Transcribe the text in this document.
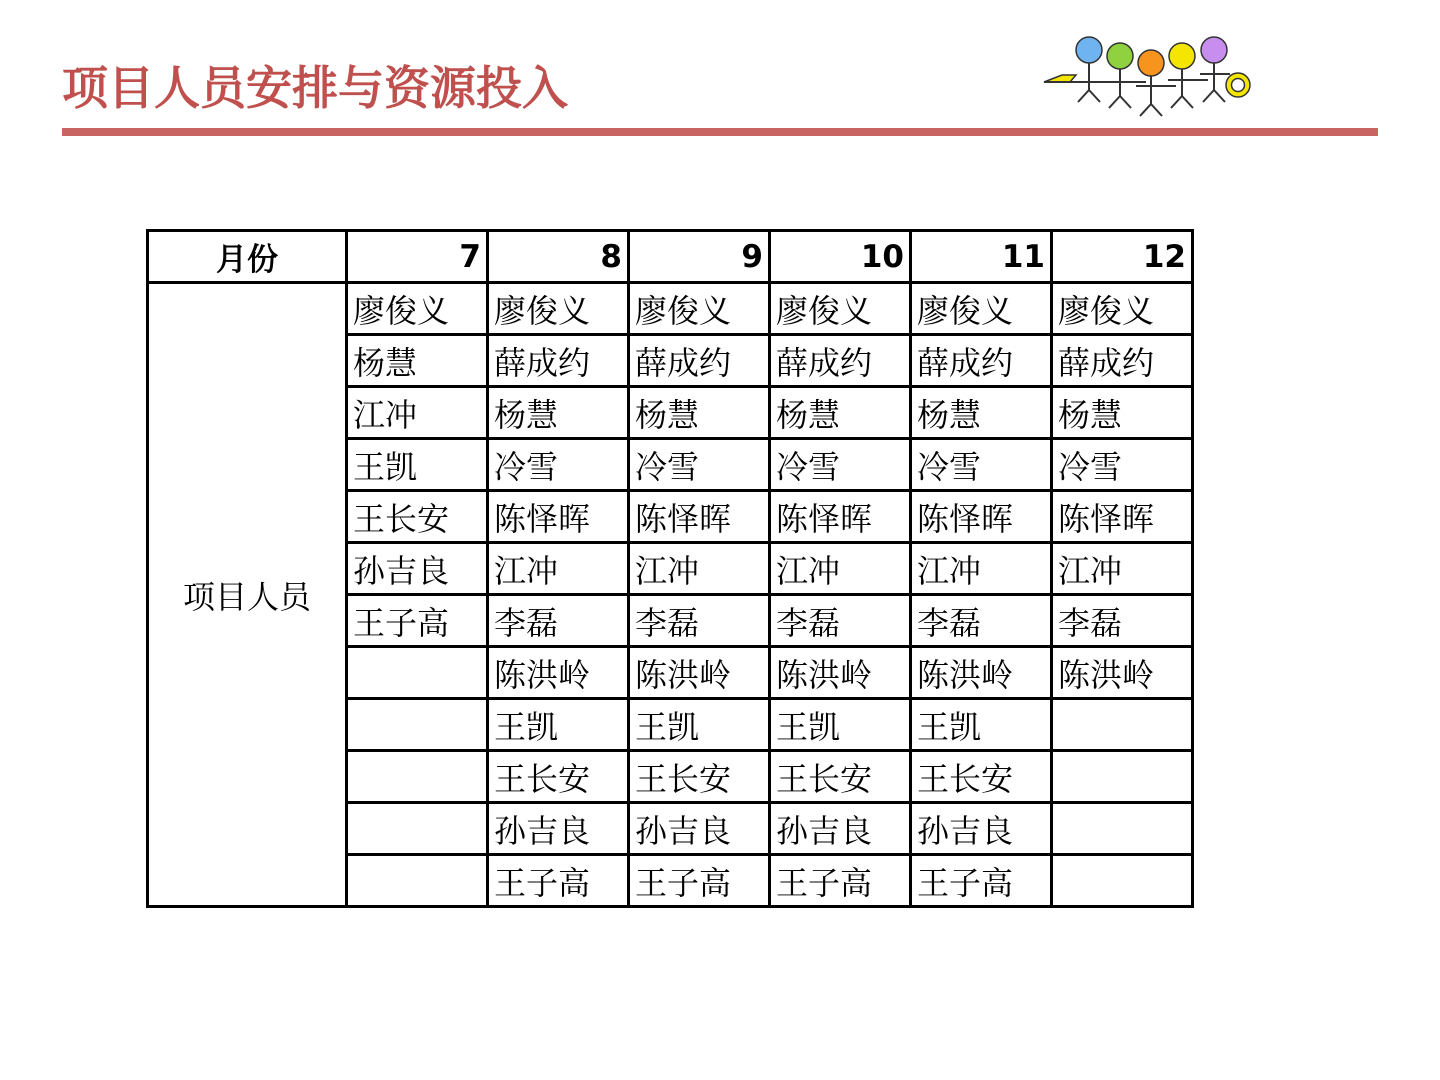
项目人员安排与资源投入
月份	7	8	9	10	11	12
项目人员	廖俊义	廖俊义	廖俊义	廖俊义	廖俊义	廖俊义
	杨慧	薛成约	薛成约	薛成约	薛成约	薛成约
	江冲	杨慧	杨慧	杨慧	杨慧	杨慧
	王凯	冷雪	冷雪	冷雪	冷雪	冷雪
	王长安	陈怿晖	陈怿晖	陈怿晖	陈怿晖	陈怿晖
	孙吉良	江冲	江冲	江冲	江冲	江冲
	王子高	李磊	李磊	李磊	李磊	李磊
		陈洪岭	陈洪岭	陈洪岭	陈洪岭	陈洪岭
		王凯	王凯	王凯	王凯	
		王长安	王长安	王长安	王长安	
		孙吉良	孙吉良	孙吉良	孙吉良	
		王子高	王子高	王子高	王子高	
